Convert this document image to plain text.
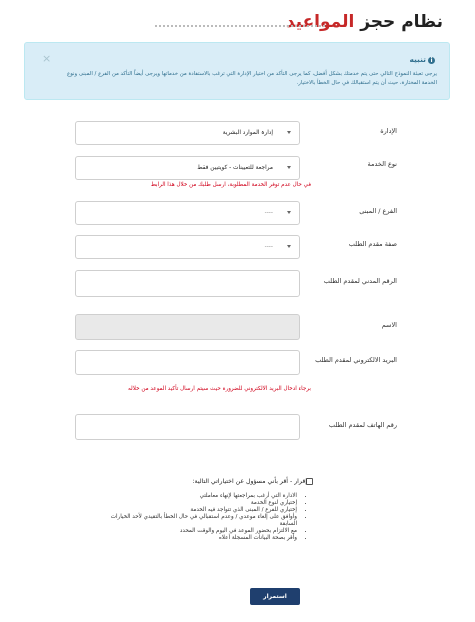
نظام حجز المواعيد
×	iتنبيه
يرجى تعبئة النموذج التالي حتى يتم خدمتك بشكل أفضل، كما يرجى التأكد من اختيار الإدارة التي ترغب بالاستفادة من خدماتها ويرجى أيضاً التأكد من الفرع / المبنى ونوع الخدمة المختارة، حيث أن يتم استقبالك في حال الخطأ بالاختيار.
الإدارة
إدارة الموارد البشرية
نوع الخدمة
مراجعة للتعيينات - كويتيين فقط
في حال عدم توفر الخدمة المطلوبة، ارسل طلبك من خلال هذا الرابط
الفرع / المبنى
----
صفة مقدم الطلب
----
الرقم المدني لمقدم الطلب
الاسم
البريد الالكتروني لمقدم الطلب
برجاء ادخال البريد الالكتروني للضرورة حيث سيتم ارسال تأكيد الموعد من خلاله
رقم الهاتف لمقدم الطلب
إقرار - أقر بأني مسؤول عن اختياراتي التالية:
• الادارة التي أرغب بمراجعتها لإنهاء معاملتي
• إختياري لنوع الخدمة
• إختياري للفرع / المبنى الذي تتواجد فيه الخدمة
• وأوافق على إلغاء موعدي / وعدم استقبالي في حال الخطأ بالتقيدي لأحد الخيارات السابقة
• مع الالتزام بحضور الموعد في اليوم والوقت المحدد
• وأقر بصحة البيانات المسجلة أعلاه
استمرار
